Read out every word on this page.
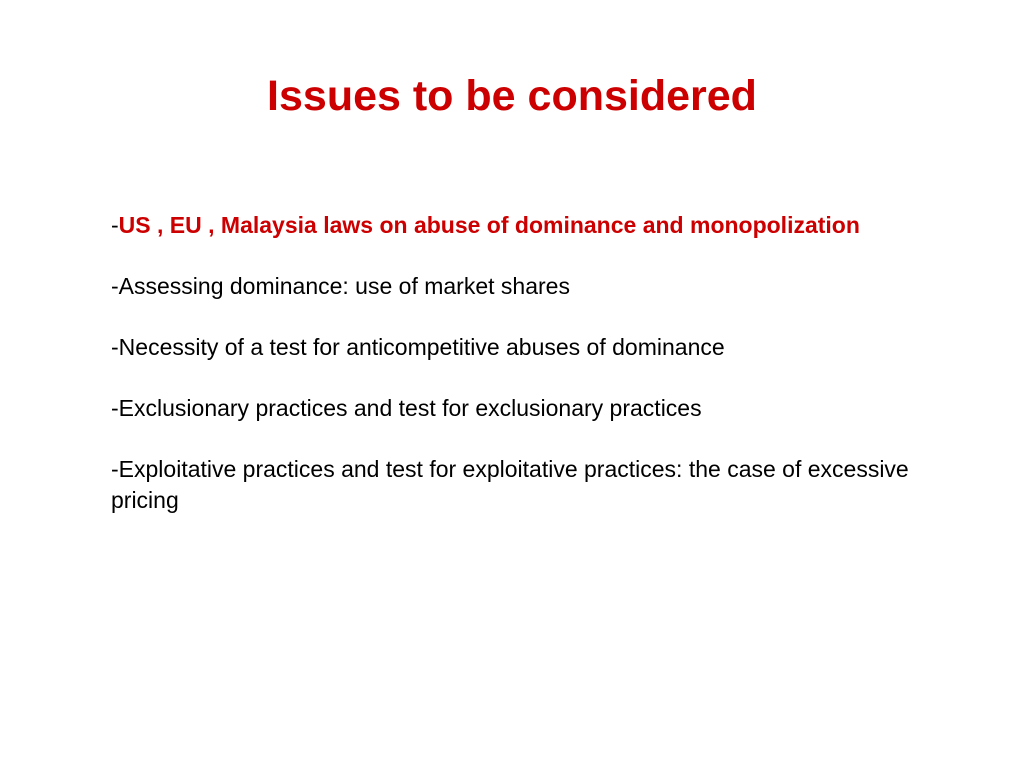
Issues to be considered

-US , EU , Malaysia laws on abuse of dominance and monopolization

-Assessing dominance: use of market shares

-Necessity of a test for anticompetitive abuses of dominance

-Exclusionary practices and test for exclusionary practices

-Exploitative practices and test for exploitative practices: the case of excessive pricing
